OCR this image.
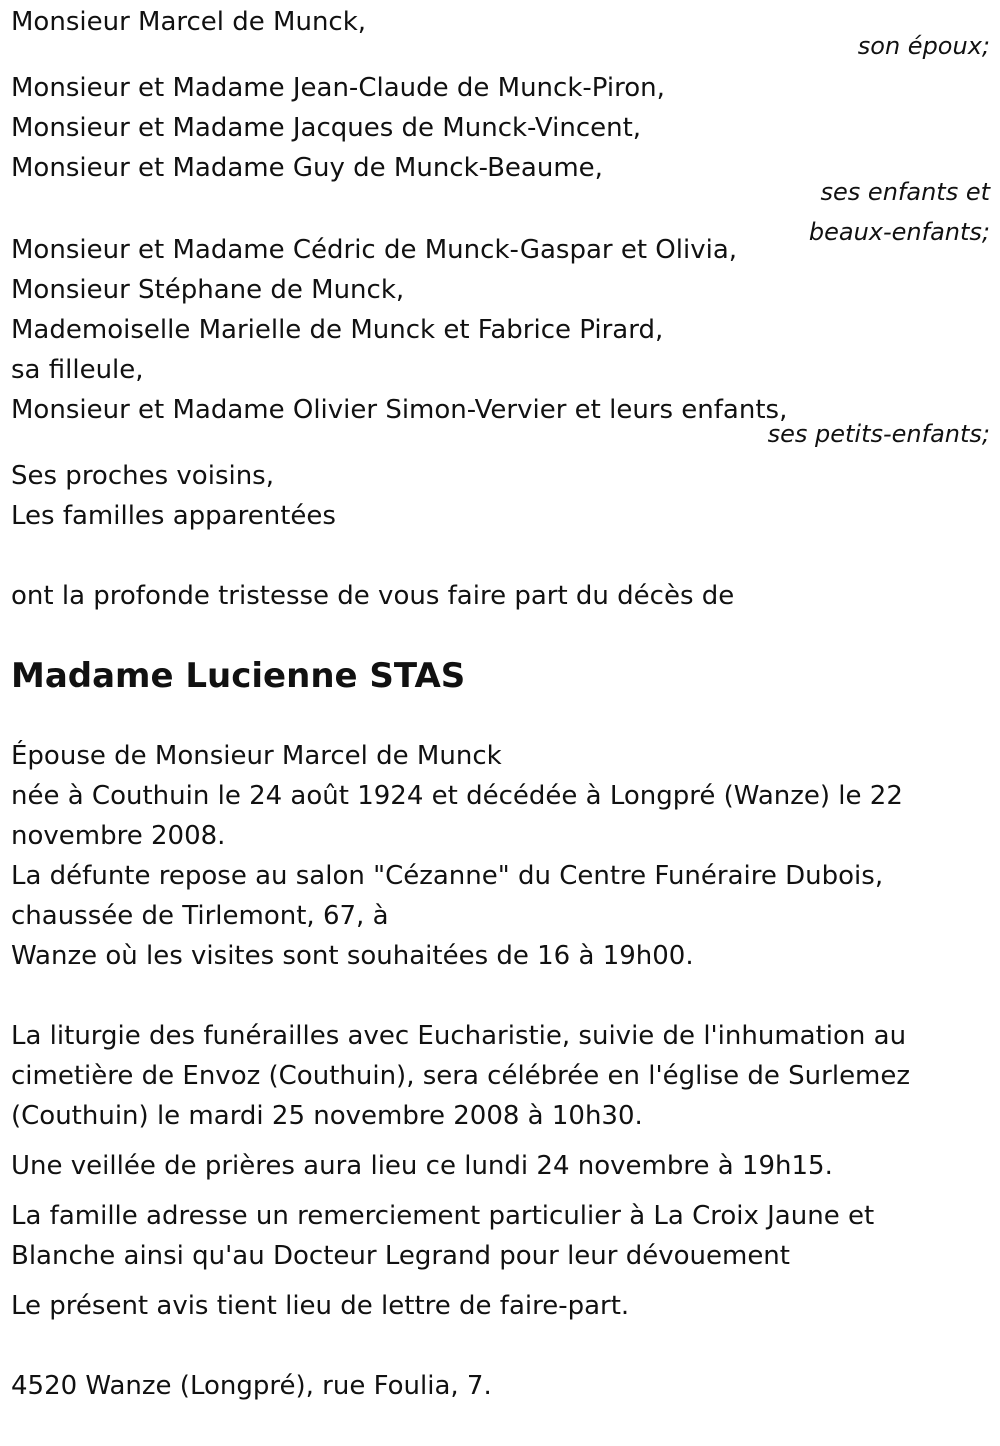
Monsieur Marcel de Munck,
son époux;
Monsieur et Madame Jean-Claude de Munck-Piron,
Monsieur et Madame Jacques de Munck-Vincent,
Monsieur et Madame Guy de Munck-Beaume,
ses enfants et
beaux-enfants;
Monsieur et Madame Cédric de Munck-Gaspar et Olivia,
Monsieur Stéphane de Munck,
Mademoiselle Marielle de Munck et Fabrice Pirard,
sa filleule,
Monsieur et Madame Olivier Simon-Vervier et leurs enfants,
ses petits-enfants;
Ses proches voisins,
Les familles apparentées
ont la profonde tristesse de vous faire part du décès de
Madame Lucienne STAS
Épouse de Monsieur Marcel de Munck
née à Couthuin le 24 août 1924 et décédée à Longpré (Wanze) le 22 novembre 2008.
La défunte repose au salon "Cézanne" du Centre Funéraire Dubois, chaussée de Tirlemont, 67, à
Wanze où les visites sont souhaitées de 16 à 19h00.

La liturgie des funérailles avec Eucharistie, suivie de l'inhumation au cimetière de Envoz (Couthuin), sera célébrée en l'église de Surlemez (Couthuin) le mardi 25 novembre 2008 à 10h30.

Une veillée de prières aura lieu ce lundi 24 novembre à 19h15.

La famille adresse un remerciement particulier à La Croix Jaune et Blanche ainsi qu'au Docteur Legrand pour leur dévouement

Le présent avis tient lieu de lettre de faire-part.

4520 Wanze (Longpré), rue Foulia, 7.
